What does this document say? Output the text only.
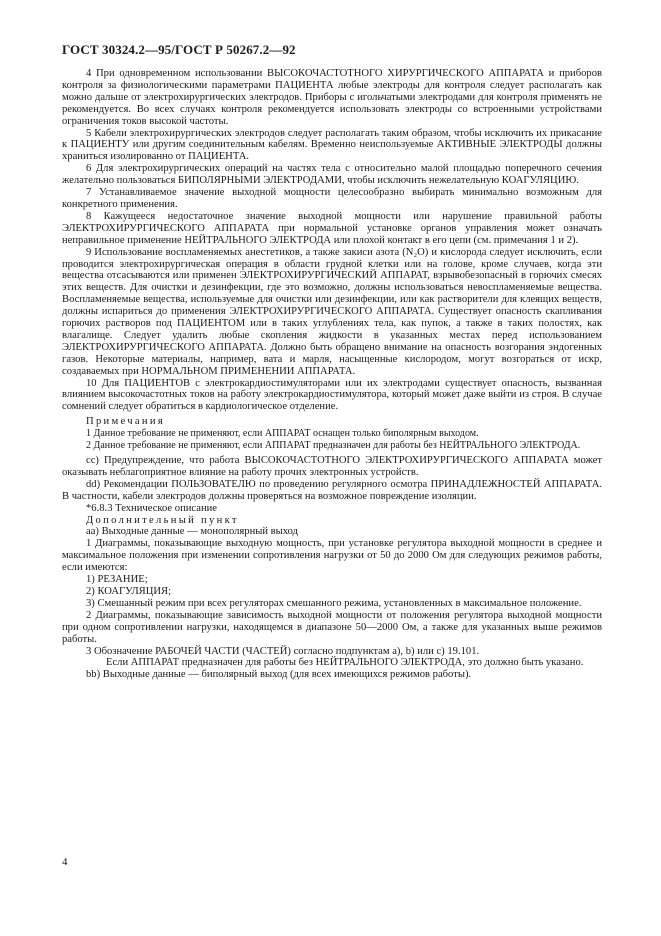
ГОСТ 30324.2—95/ГОСТ Р 50267.2—92

4 При одновременном использовании ВЫСОКОЧАСТОТНОГО ХИРУРГИЧЕСКОГО АППАРАТА и приборов контроля за физиологическими параметрами ПАЦИЕНТА любые электроды для контроля следует располагать как можно дальше от электрохирургических электродов. Приборы с игольчатыми электродами для контроля применять не рекомендуется. Во всех случаях контроля рекомендуется использовать электроды со встроенными устройствами ограничения токов высокой частоты.

5 Кабели электрохирургических электродов следует располагать таким образом, чтобы исключить их прикасание к ПАЦИЕНТУ или другим соединительным кабелям. Временно неиспользуемые АКТИВНЫЕ ЭЛЕКТРОДЫ должны храниться изолированно от ПАЦИЕНТА.

6 Для электрохирургических операций на частях тела с относительно малой площадью поперечного сечения желательно пользоваться БИПОЛЯРНЫМИ ЭЛЕКТРОДАМИ, чтобы исключить нежелательную КОАГУЛЯЦИЮ.

7 Устанавливаемое значение выходной мощности целесообразно выбирать минимально возможным для конкретного применения.

8 Кажущееся недостаточное значение выходной мощности или нарушение правильной работы ЭЛЕКТРОХИРУРГИЧЕСКОГО АППАРАТА при нормальной установке органов управления может означать неправильное применение НЕЙТРАЛЬНОГО ЭЛЕКТРОДА или плохой контакт в его цепи (см. примечания 1 и 2).

9 Использование воспламеняемых анестетиков, а также закиси азота (N₂O) и кислорода следует исключить, если проводится электрохирургическая операция в области грудной клетки или на голове, кроме случаев, когда эти вещества отсасываются или применен ЭЛЕКТРОХИРУРГИЧЕСКИЙ АППАРАТ, взрывобезопасный в горючих смесях этих веществ. Для очистки и дезинфекции, где это возможно, должны использоваться невоспламеняемые вещества. Воспламеняемые вещества, используемые для очистки или дезинфекции, или как растворители для клеящих веществ, должны испариться до применения ЭЛЕКТРОХИРУРГИЧЕСКОГО АППАРАТА. Существует опасность скапливания горючих растворов под ПАЦИЕНТОМ или в таких углублениях тела, как пупок, а также в таких полостях, как влагалище. Следует удалить любые скопления жидкости в указанных местах перед использованием ЭЛЕКТРОХИРУРГИЧЕСКОГО АППАРАТА. Должно быть обращено внимание на опасность возгорания эндогенных газов. Некоторые материалы, например, вата и марля, насыщенные кислородом, могут возгораться от искр, создаваемых при НОРМАЛЬНОМ ПРИМЕНЕНИИ АППАРАТА.

10 Для ПАЦИЕНТОВ с электрокардиостимуляторами или их электродами существует опасность, вызванная влиянием высокочастотных токов на работу электрокардиостимулятора, который может даже выйти из строя. В случае сомнений следует обратиться в кардиологическое отделение.

Примечания

1 Данное требование не применяют, если АППАРАТ оснащен только биполярным выходом.

2 Данное требование не применяют, если АППАРАТ предназначен для работы без НЕЙТРАЛЬНОГО ЭЛЕКТРОДА.

cc) Предупреждение, что работа ВЫСОКОЧАСТОТНОГО ЭЛЕКТРОХИРУРГИЧЕСКОГО АППАРАТА может оказывать неблагоприятное влияние на работу прочих электронных устройств.

dd) Рекомендации ПОЛЬЗОВАТЕЛЮ по проведению регулярного осмотра ПРИНАДЛЕЖНОСТЕЙ АППАРАТА. В частности, кабели электродов должны проверяться на возможное повреждение изоляции.

*6.8.3 Техническое описание

Дополнительный пункт

аа) Выходные данные — монополярный выход

1 Диаграммы, показывающие выходную мощность, при установке регулятора выходной мощности в среднее и максимальное положения при изменении сопротивления нагрузки от 50 до 2000 Ом для следующих режимов работы, если имеются:

1) РЕЗАНИЕ;

2) КОАГУЛЯЦИЯ;

3) Смешанный режим при всех регуляторах смешанного режима, установленных в максимальное положение.

2 Диаграммы, показывающие зависимость выходной мощности от положения регулятора выходной мощности при одном сопротивлении нагрузки, находящемся в диапазоне 50—2000 Ом, а также для указанных выше режимов работы.

3 Обозначение РАБОЧЕЙ ЧАСТИ (ЧАСТЕЙ) согласно подпунктам а), b) или с) 19.101.

Если АППАРАТ предназначен для работы без НЕЙТРАЛЬНОГО ЭЛЕКТРОДА, это должно быть указано.

bb) Выходные данные — биполярный выход (для всех имеющихся режимов работы).

4
